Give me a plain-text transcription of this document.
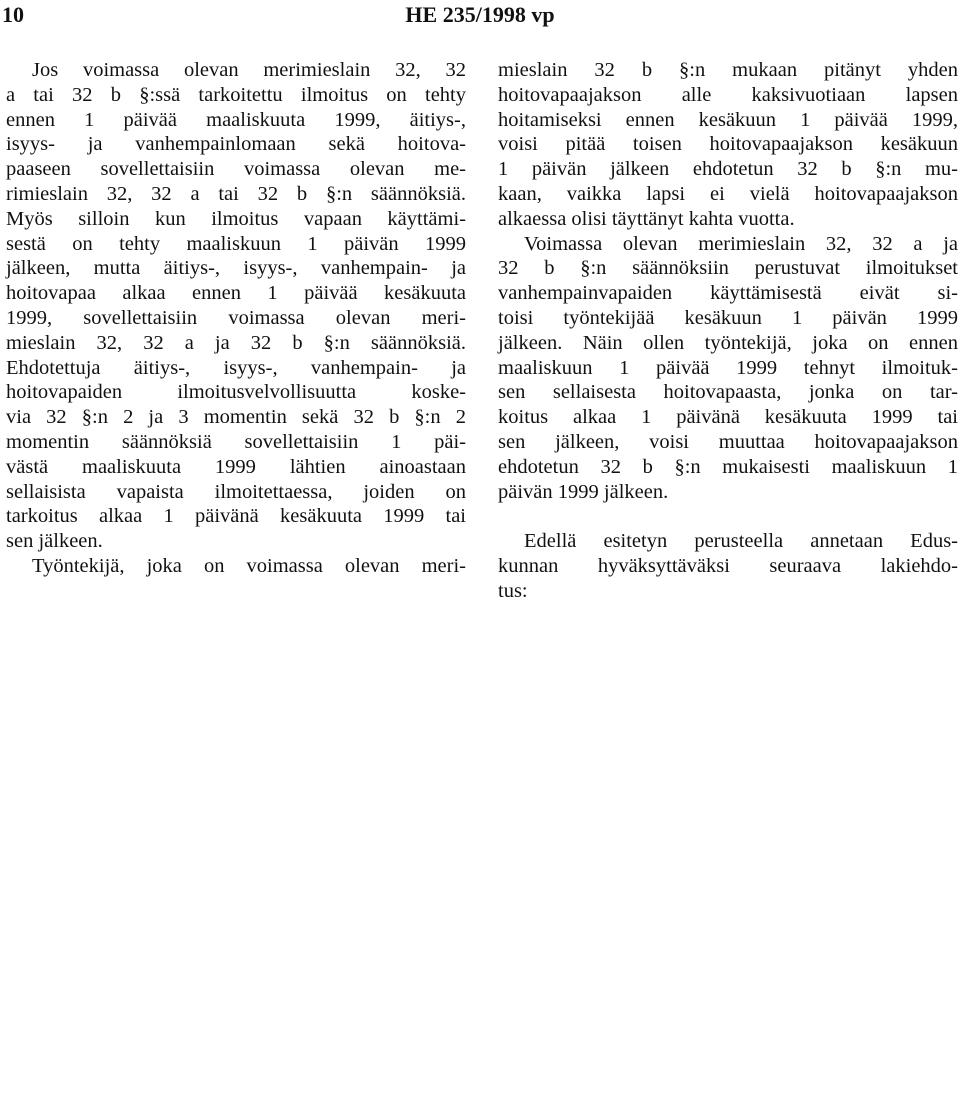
10	HE 235/1998 vp
Jos voimassa olevan merimieslain 32, 32
a tai 32 b §:ssä tarkoitettu ilmoitus on tehty
ennen 1 päivää maaliskuuta 1999, äitiys-,
isyys- ja vanhempainlomaan sekä hoitova-
paaseen sovellettaisiin voimassa olevan me-
rimieslain 32, 32 a tai 32 b §:n säännöksiä.
Myös silloin kun ilmoitus vapaan käyttämi-
sestä on tehty maaliskuun 1 päivän 1999
jälkeen, mutta äitiys-, isyys-, vanhempain- ja
hoitovapaa alkaa ennen 1 päivää kesäkuuta
1999, sovellettaisiin voimassa olevan meri-
mieslain 32, 32 a ja 32 b §:n säännöksiä.
Ehdotettuja äitiys-, isyys-, vanhempain- ja
hoitovapaiden ilmoitusvelvollisuutta koske-
via 32 §:n 2 ja 3 momentin sekä 32 b §:n 2
momentin säännöksiä sovellettaisiin 1 päi-
västä maaliskuuta 1999 lähtien ainoastaan
sellaisista vapaista ilmoitettaessa, joiden on
tarkoitus alkaa 1 päivänä kesäkuuta 1999 tai
sen jälkeen.
Työntekijä, joka on voimassa olevan meri-
mieslain 32 b §:n mukaan pitänyt yhden
hoitovapaajakson alle kaksivuotiaan lapsen
hoitamiseksi ennen kesäkuun 1 päivää 1999,
voisi pitää toisen hoitovapaajakson kesäkuun
1 päivän jälkeen ehdotetun 32 b §:n mu-
kaan, vaikka lapsi ei vielä hoitovapaajakson
alkaessa olisi täyttänyt kahta vuotta.
Voimassa olevan merimieslain 32, 32 a ja
32 b §:n säännöksiin perustuvat ilmoitukset
vanhempainvapaiden käyttämisestä eivät si-
toisi työntekijää kesäkuun 1 päivän 1999
jälkeen. Näin ollen työntekijä, joka on ennen
maaliskuun 1 päivää 1999 tehnyt ilmoituk-
sen sellaisesta hoitovapaasta, jonka on tar-
koitus alkaa 1 päivänä kesäkuuta 1999 tai
sen jälkeen, voisi muuttaa hoitovapaajakson
ehdotetun 32 b §:n mukaisesti maaliskuun 1
päivän 1999 jälkeen.
Edellä esitetyn perusteella annetaan Edus-
kunnan hyväksyttäväksi seuraava lakiehdo-
tus:
